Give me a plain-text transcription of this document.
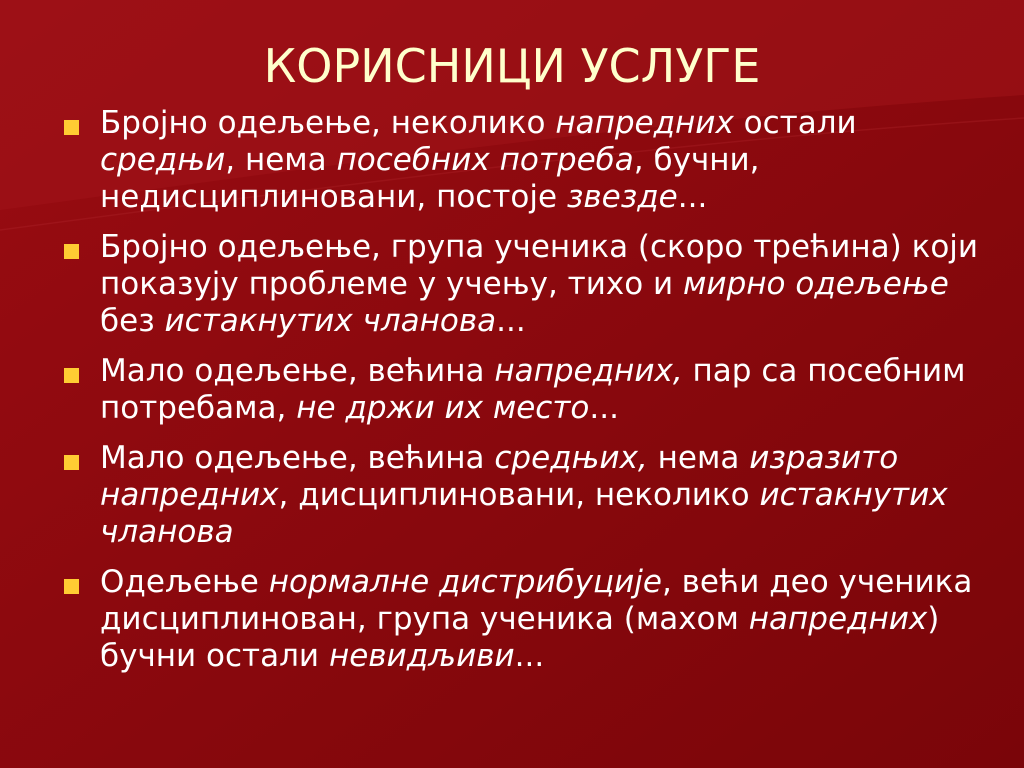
КОРИСНИЦИ УСЛУГЕ
Бројно одељење, неколико напредних остали средњи, нема посебних потреба, бучни, недисциплиновани, постоје звезде...
Бројно одељење, група ученика (скоро трећина) који показују проблеме у учењу, тихо и мирно одељење без истакнутих чланова...
Мало одељење, већина напредних, пар са посебним потребама, не држи их место...
Мало одељење, већина средњих, нема изразито напредних, дисциплиновани, неколико истакнутих чланова
Одељење нормалне дистрибуције, већи део ученика дисциплинован, група ученика (махом напредних) бучни остали невидљиви...
